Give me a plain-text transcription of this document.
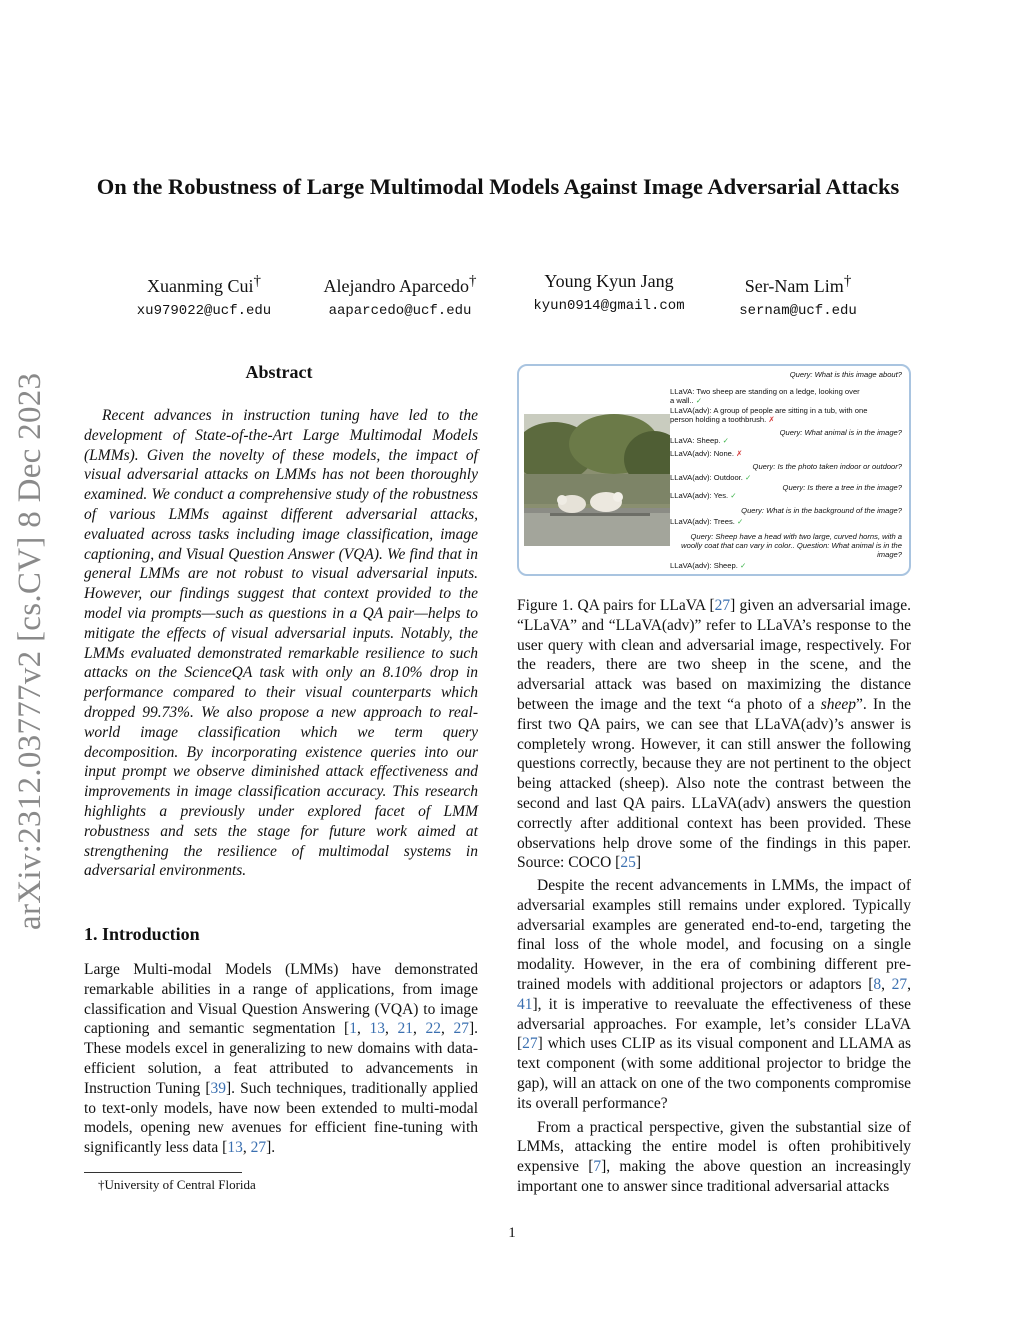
On the Robustness of Large Multimodal Models Against Image Adversarial Attacks
Xuanming Cui†
xu979022@ucf.edu
Alejandro Aparcedo†
aaparcedo@ucf.edu
Young Kyun Jang
kyun0914@gmail.com
Ser-Nam Lim†
sernam@ucf.edu
arXiv:2312.03777v2 [cs.CV] 8 Dec 2023
Abstract

Recent advances in instruction tuning have led to the development of State-of-the-Art Large Multimodal Models (LMMs). Given the novelty of these models, the impact of visual adversarial attacks on LMMs has not been thoroughly examined. We conduct a comprehensive study of the robustness of various LMMs against different adversarial attacks, evaluated across tasks including image classification, image captioning, and Visual Question Answer (VQA). We find that in general LMMs are not robust to visual adversarial inputs. However, our findings suggest that context provided to the model via prompts—such as questions in a QA pair—helps to mitigate the effects of visual adversarial inputs. Notably, the LMMs evaluated demonstrated remarkable resilience to such attacks on the ScienceQA task with only an 8.10% drop in performance compared to their visual counterparts which dropped 99.73%. We also propose a new approach to real-world image classification which we term query decomposition. By incorporating existence queries into our input prompt we observe diminished attack effectiveness and improvements in image classification accuracy. This research highlights a previously under explored facet of LMM robustness and sets the stage for future work aimed at strengthening the resilience of multimodal systems in adversarial environments.

1. Introduction

Large Multi-modal Models (LMMs) have demonstrated remarkable abilities in a range of applications, from image classification and Visual Question Answering (VQA) to image captioning and semantic segmentation [1, 13, 21, 22, 27]. These models excel in generalizing to new domains with data-efficient solution, a feat attributed to advancements in Instruction Tuning [39]. Such techniques, traditionally applied to text-only models, have now been extended to multi-modal models, opening new avenues for efficient fine-tuning with significantly less data [13, 27].

†University of Central Florida
Query: What is this image about?
LLaVA: Two sheep are standing on a ledge, looking over a wall.. ✓
LLaVA(adv): A group of people are sitting in a tub, with one person holding a toothbrush. ✗
Query: What animal is in the image?
LLaVA: Sheep. ✓
LLaVA(adv): None. ✗
Query: Is the photo taken indoor or outdoor?
LLaVA(adv): Outdoor. ✓
Query: Is there a tree in the image?
LLaVA(adv): Yes. ✓
Query: What is in the background of the image?
LLaVA(adv): Trees. ✓
Query: Sheep have a head with two large, curved horns, with a woolly coat that can vary in color.. Question: What animal is in the image?
LLaVA(adv): Sheep. ✓

Figure 1. QA pairs for LLaVA [27] given an adversarial image. “LLaVA” and “LLaVA(adv)” refer to LLaVA’s response to the user query with clean and adversarial image, respectively. For the readers, there are two sheep in the scene, and the adversarial attack was based on maximizing the distance between the image and the text “a photo of a sheep”. In the first two QA pairs, we can see that LLaVA(adv)’s answer is completely wrong. However, it can still answer the following questions correctly, because they are not pertinent to the object being attacked (sheep). Also note the contrast between the second and last QA pairs. LLaVA(adv) answers the question correctly after additional context has been provided. These observations help drove some of the findings in this paper. Source: COCO [25]

Despite the recent advancements in LMMs, the impact of adversarial examples still remains under explored. Typically adversarial examples are generated end-to-end, targeting the final loss of the whole model, and focusing on a single modality. However, in the era of combining different pre-trained models with additional projectors or adaptors [8, 27, 41], it is imperative to reevaluate the effectiveness of these adversarial approaches. For example, let’s consider LLaVA [27] which uses CLIP as its visual component and LLAMA as text component (with some additional projector to bridge the gap), will an attack on one of the two components compromise its overall performance?

From a practical perspective, given the substantial size of LMMs, attacking the entire model is often prohibitively expensive [7], making the above question an increasingly important one to answer since traditional adversarial attacks

1
